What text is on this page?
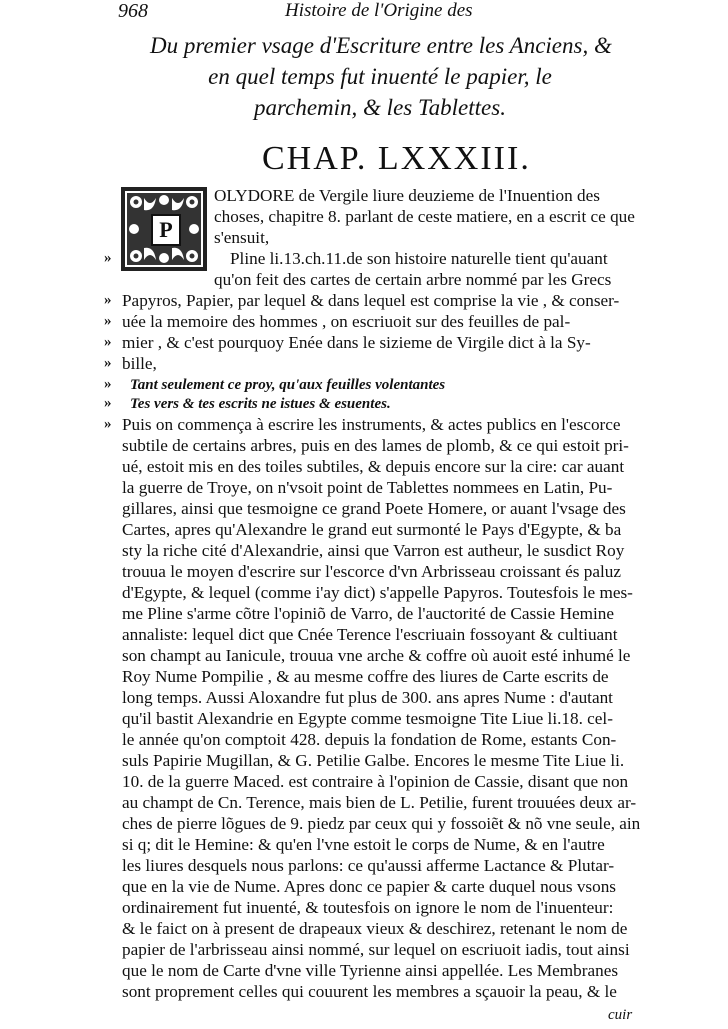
968	Histoire de l'Origine des
Du premier vsage d'Escriture entre les Anciens, &
en quel temps fut inuenté le papier, le
parchemin, & les Tablettes.
CHAP. LXXXIII.
P
OLYDORE de Vergile liure deuzieme de l'Inuention des
choses, chapitre 8. parlant de ceste matiere, en a escrit ce que
s'ensuit,
»	Pline li.13.ch.11.de son histoire naturelle tient qu'auant
qu'on feit des cartes de certain arbre nommé par les Grecs
» Papyros, Papier, par lequel & dans lequel est comprise la vie , & conser-
» uée la memoire des hommes , on escriuoit sur des feuilles de pal-
» mier , & c'est pourquoy Enée dans le sizieme de Virgile dict à la Sy-
» bille,
» Tant seulement ce proy, qu'aux feuilles volentantes
» Tes vers & tes escrits ne istues & esuentes.
» Puis on commença à escrire les instruments, & actes publics en l'escorce
subtile de certains arbres, puis en des lames de plomb, & ce qui estoit pri-
ué, estoit mis en des toiles subtiles, & depuis encore sur la cire: car auant
la guerre de Troye, on n'vsoit point de Tablettes nommees en Latin, Pu-
gillares, ainsi que tesmoigne ce grand Poete Homere, or auant l'vsage des
Cartes, apres qu'Alexandre le grand eut surmonté le Pays d'Egypte, & ba
sty la riche cité d'Alexandrie, ainsi que Varron est autheur, le susdict Roy
trouua le moyen d'escrire sur l'escorce d'vn Arbrisseau croissant és paluz
d'Egypte, & lequel (comme i'ay dict) s'appelle Papyros. Toutesfois le mes-
me Pline s'arme cõtre l'opiniõ de Varro, de l'auctorité de Cassie Hemine
annaliste: lequel dict que Cnée Terence l'escriuain fossoyant & cultiuant
son champt au Ianicule, trouua vne arche & coffre où auoit esté inhumé le
Roy Nume Pompilie , & au mesme coffre des liures de Carte escrits de
long temps. Aussi Aloxandre fut plus de 300. ans apres Nume : d'autant
qu'il bastit Alexandrie en Egypte comme tesmoigne Tite Liue li.18. cel-
le année qu'on comptoit 428. depuis la fondation de Rome, estants Con-
suls Papirie Mugillan, & G. Petilie Galbe. Encores le mesme Tite Liue li.
10. de la guerre Maced. est contraire à l'opinion de Cassie, disant que non
au champt de Cn. Terence, mais bien de L. Petilie, furent trouuées deux ar-
ches de pierre lõgues de 9. piedz par ceux qui y fossoiẽt & nõ vne seule, ain
si q; dit le Hemine: & qu'en l'vne estoit le corps de Nume, & en l'autre
les liures desquels nous parlons: ce qu'aussi afferme Lactance & Plutar-
que en la vie de Nume. Apres donc ce papier & carte duquel nous vsons
ordinairement fut inuenté, & toutesfois on ignore le nom de l'inuenteur:
& le faict on à present de drapeaux vieux & deschirez, retenant le nom de
papier de l'arbrisseau ainsi nommé, sur lequel on escriuoit iadis, tout ainsi
que le nom de Carte d'vne ville Tyrienne ainsi appellée. Les Membranes
sont proprement celles qui couurent les membres a sçauoir la peau, & le
cuir
